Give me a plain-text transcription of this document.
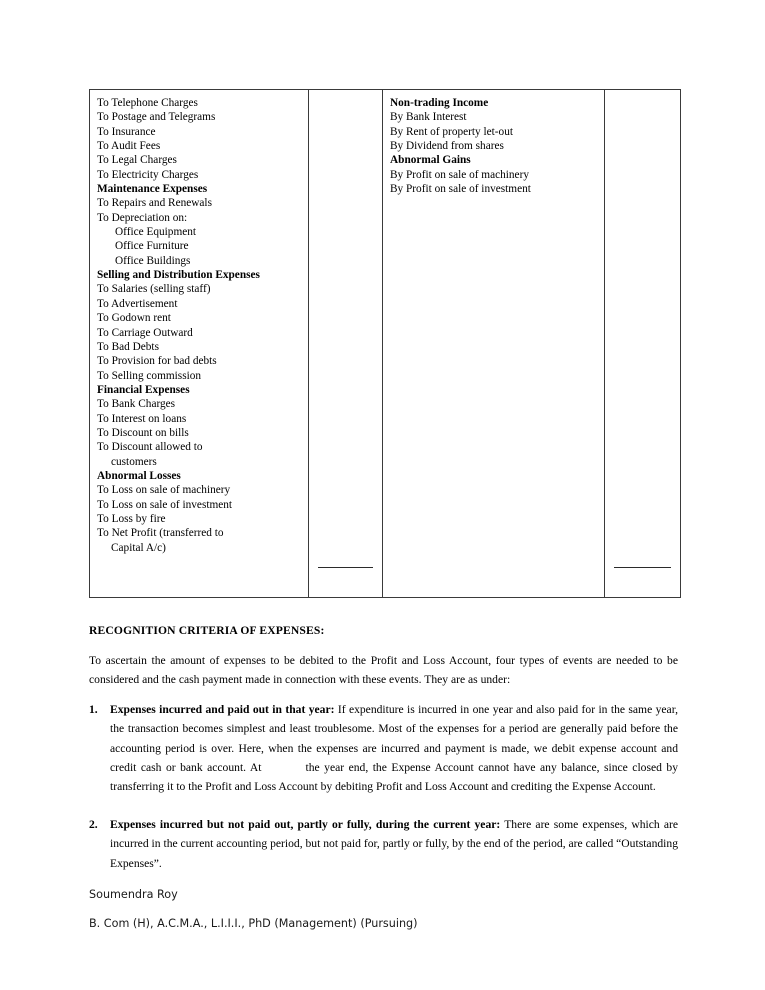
To Telephone Charges
To Postage and Telegrams
To Insurance
To Audit Fees
To Legal Charges
To Electricity Charges
Maintenance Expenses
To Repairs and Renewals
To Depreciation on:
Office Equipment
Office Furniture
Office Buildings
Selling and Distribution Expenses
To Salaries (selling staff)
To Advertisement
To Godown rent
To Carriage Outward
To Bad Debts
To Provision for bad debts
To Selling commission
Financial Expenses
To Bank Charges
To Interest on loans
To Discount on bills
To Discount allowed to
customers
Abnormal Losses
To Loss on sale of machinery
To Loss on sale of investment
To Loss by fire
To Net Profit (transferred to
Capital A/c)
Non-trading Income
By Bank Interest
By Rent of property let-out
By Dividend from shares
Abnormal Gains
By Profit on sale of machinery
By Profit on sale of investment
RECOGNITION CRITERIA OF EXPENSES:
To ascertain the amount of expenses to be debited to the Profit and Loss Account, four types of events are needed to be considered and the cash payment made in connection with these events. They are as under:
1. Expenses incurred and paid out in that year: If expenditure is incurred in one year and also paid for in the same year, the transaction becomes simplest and least troublesome. Most of the expenses for a period are generally paid before the accounting period is over. Here, when the expenses are incurred and payment is made, we debit expense account and credit cash or bank account. At	the year end, the Expense Account cannot have any balance, since closed by transferring it to the Profit and Loss Account by debiting Profit and Loss Account and crediting the Expense Account.
2. Expenses incurred but not paid out, partly or fully, during the current year: There are some expenses, which are incurred in the current accounting period, but not paid for, partly or fully, by the end of the period, are called “Outstanding Expenses”.
Soumendra Roy
B. Com (H), A.C.M.A., L.I.I.I., PhD (Management) (Pursuing)
